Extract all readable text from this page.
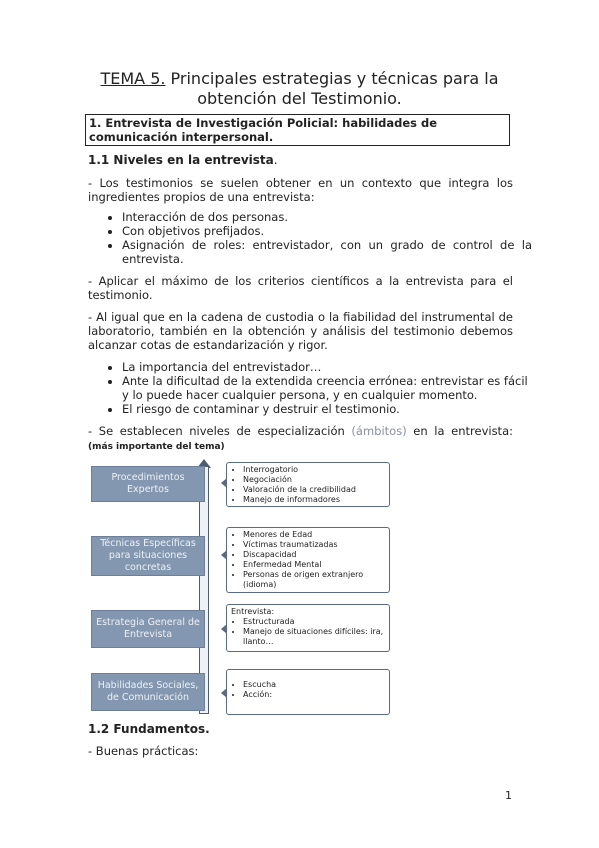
TEMA 5. Principales estrategias y técnicas para la
obtención del Testimonio.
1. Entrevista de Investigación Policial: habilidades de comunicación interpersonal.
1.1 Niveles en la entrevista.
- Los testimonios se suelen obtener en un contexto que integra los ingredientes propios de una entrevista:
• Interacción de dos personas.
• Con objetivos prefijados.
• Asignación de roles: entrevistador, con un grado de control de la entrevista.
- Aplicar el máximo de los criterios científicos a la entrevista para el testimonio.
- Al igual que en la cadena de custodia o la fiabilidad del instrumental de laboratorio, también en la obtención y análisis del testimonio debemos alcanzar cotas de estandarización y rigor.
• La importancia del entrevistador…
• Ante la dificultad de la extendida creencia errónea: entrevistar es fácil y lo puede hacer cualquier persona, y en cualquier momento.
• El riesgo de contaminar y destruir el testimonio.
- Se establecen niveles de especialización (ámbitos) en la entrevista: (más importante del tema)
Procedimientos Expertos
• Interrogatorio
• Negociación
• Valoración de la credibilidad
• Manejo de informadores
Técnicas Específicas para situaciones concretas
• Menores de Edad
• Víctimas traumatizadas
• Discapacidad
• Enfermedad Mental
• Personas de origen extranjero (idioma)
Estrategia General de Entrevista
Entrevista:
• Estructurada
• Manejo de situaciones difíciles: ira, llanto…
Habilidades Sociales, de Comunicación
• Escucha
• Acción:
1.2 Fundamentos.
- Buenas prácticas:
1
